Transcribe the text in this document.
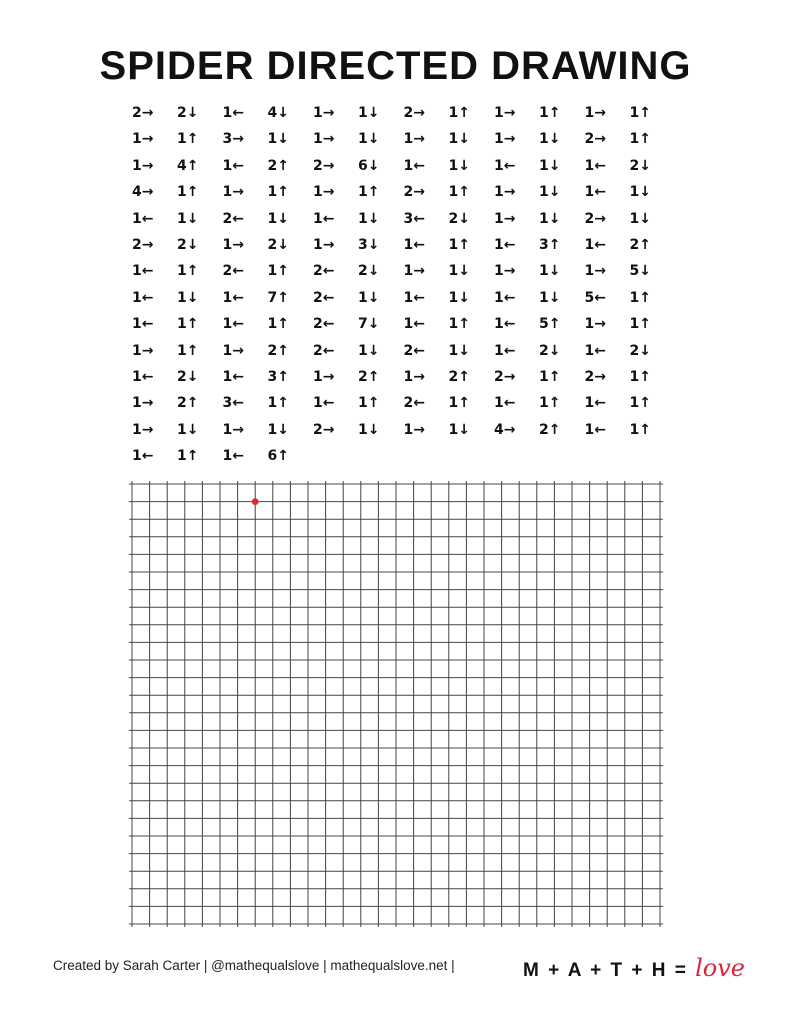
SPIDER DIRECTED DRAWING
2→ 2↓ 1← 4↓ 1→ 1↓ 2→ 1↑ 1→ 1↑ 1→ 1↑
1→ 1↑ 3→ 1↓ 1→ 1↓ 1→ 1↓ 1→ 1↓ 2→ 1↑
1→ 4↑ 1← 2↑ 2→ 6↓ 1← 1↓ 1← 1↓ 1← 2↓
4→ 1↑ 1→ 1↑ 1→ 1↑ 2→ 1↑ 1→ 1↓ 1← 1↓
1← 1↓ 2← 1↓ 1← 1↓ 3← 2↓ 1→ 1↓ 2→ 1↓
2→ 2↓ 1→ 2↓ 1→ 3↓ 1← 1↑ 1← 3↑ 1← 2↑
1← 1↑ 2← 1↑ 2← 2↓ 1→ 1↓ 1→ 1↓ 1→ 5↓
1← 1↓ 1← 7↑ 2← 1↓ 1← 1↓ 1← 1↓ 5← 1↑
1← 1↑ 1← 1↑ 2← 7↓ 1← 1↑ 1← 5↑ 1→ 1↑
1→ 1↑ 1→ 2↑ 2← 1↓ 2← 1↓ 1← 2↓ 1← 2↓
1← 2↓ 1← 3↑ 1→ 2↑ 1→ 2↑ 2→ 1↑ 2→ 1↑
1→ 2↑ 3← 1↑ 1← 1↑ 2← 1↑ 1← 1↑ 1← 1↑
1→ 1↓ 1→ 1↓ 2→ 1↓ 1→ 1↓ 4→ 2↑ 1← 1↑
1← 1↑ 1← 6↑
Created by Sarah Carter | @mathequalslove | mathequalslove.net |	M + A + T + H = love
